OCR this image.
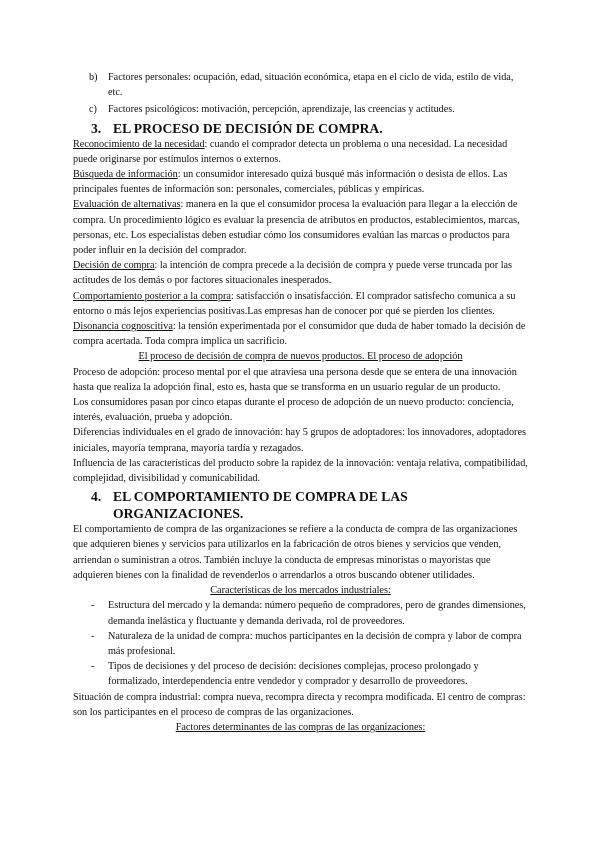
b) Factores personales: ocupación, edad, situación económica, etapa en el ciclo de vida, estilo de vida, etc.
c) Factores psicológicos: motivación, percepción, aprendizaje, las creencias y actitudes.
3. EL PROCESO DE DECISIÓN DE COMPRA.

Reconocimiento de la necesidad: cuando el comprador detecta un problema o una necesidad. La necesidad puede originarse por estímulos internos o externos.

Búsqueda de información: un consumidor interesado quizá busqué más información o desista de ellos. Las principales fuentes de información son: personales, comerciales, públicas y empíricas.

Evaluación de alternativas: manera en la que el consumidor procesa la evaluación para llegar a la elección de compra. Un procedimiento lógico es evaluar la presencia de atributos en productos, establecimientos, marcas, personas, etc. Los especialistas deben estudiar cómo los consumidores evalúan las marcas o productos para poder influir en la decisión del comprador.

Decisión de compra: la intención de compra precede a la decisión de compra y puede verse truncada por las actitudes de los demás o por factores situacionales inesperados.

Comportamiento posterior a la compra: satisfacción o insatisfacción. El comprador satisfecho comunica a su entorno o más lejos experiencias positivas.Las empresas han de conocer por qué se pierden los clientes.

Disonancia cognoscitiva: la tensión experimentada por el consumidor que duda de haber tomado la decisión de compra acertada. Toda compra implica un sacrificio.

El proceso de decisión de compra de nuevos productos. El proceso de adopción

Proceso de adopción: proceso mental por el que atraviesa una persona desde que se entera de una innovación hasta que realiza la adopción final, esto es, hasta que se transforma en un usuario regular de un producto.

Los consumidores pasan por cinco etapas durante el proceso de adopción de un nuevo producto: conciencia, interés, evaluación, prueba y adopción.

Diferencias individuales en el grado de innovación: hay 5 grupos de adoptadores: los innovadores, adoptadores iniciales, mayoría temprana, mayoría tardía y rezagados.

Influencia de las características del producto sobre la rapidez de la innovación: ventaja relativa, compatibilidad, complejidad, divisibilidad y comunicabilidad.

4. EL COMPORTAMIENTO DE COMPRA DE LAS
ORGANIZACIONES.

El comportamiento de compra de las organizaciones se refiere a la conducta de compra de las organizaciones que adquieren bienes y servicios para utilizarlos en la fabricación de otros bienes y servicios que venden, arriendan o suministran a otros. También incluye la conducta de empresas minoristas o mayoristas que adquieren bienes con la finalidad de revenderlos o arrendarlos a otros buscando obtener utilidades.

Características de los mercados industriales:

- Estructura del mercado y la demanda: número pequeño de compradores, pero de grandes dimensiones, demanda inelástica y fluctuante y demanda derivada, rol de proveedores.
- Naturaleza de la unidad de compra: muchos participantes en la decisión de compra y labor de compra más profesional.
- Tipos de decisiones y del proceso de decisión: decisiones complejas, proceso prolongado y formalizado, interdependencia entre vendedor y comprador y desarrollo de proveedores.

Situación de compra industrial: compra nueva, recompra directa y recompra modificada. El centro de compras: son los participantes en el proceso de compras de las organizaciones.

Factores determinantes de las compras de las organizaciones:
